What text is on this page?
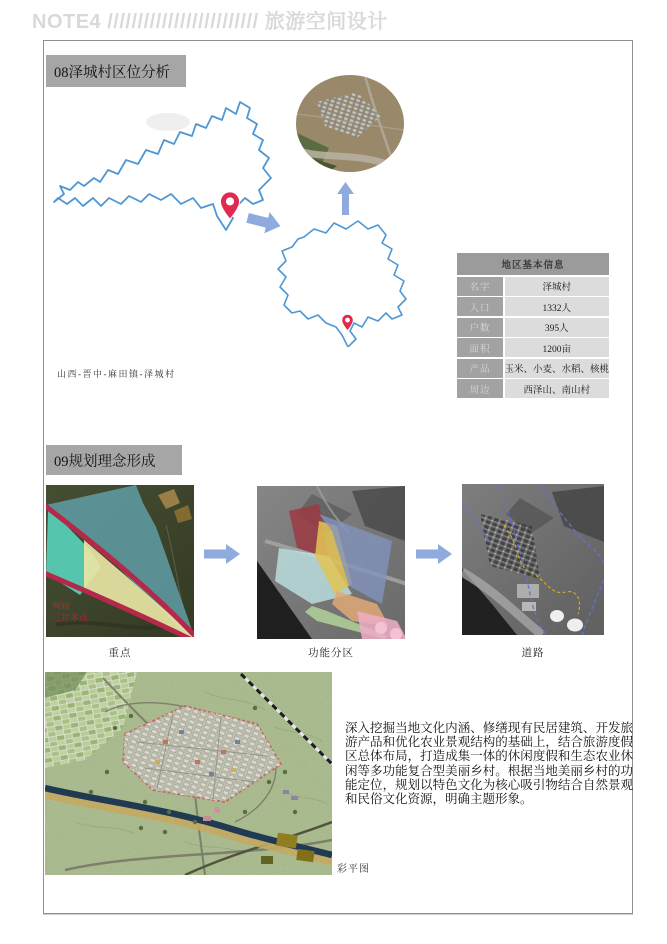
NOTE4 ///////////////////////// 旅游空间设计
08泽城村区位分析
地区基本信息
名字	泽城村
人口	1332人
户数	395人
面积	1200亩
产品	玉米、小麦、水稻、核桃
周边	西泽山、南山村
山西-晋中-麻田镇-泽城村
09规划理念形成
两轴
三片多点
重点	功能分区	道路
彩平图
深入挖掘当地文化内涵、修缮现有民居建筑、开发旅游产品和优化农业景观结构的基础上，结合旅游度假区总体布局，打造成集一体的休闲度假和生态农业休闲等多功能复合型美丽乡村。根据当地美丽乡村的功能定位，规划以特色文化为核心吸引物结合自然景观和民俗文化资源，明确主题形象。
